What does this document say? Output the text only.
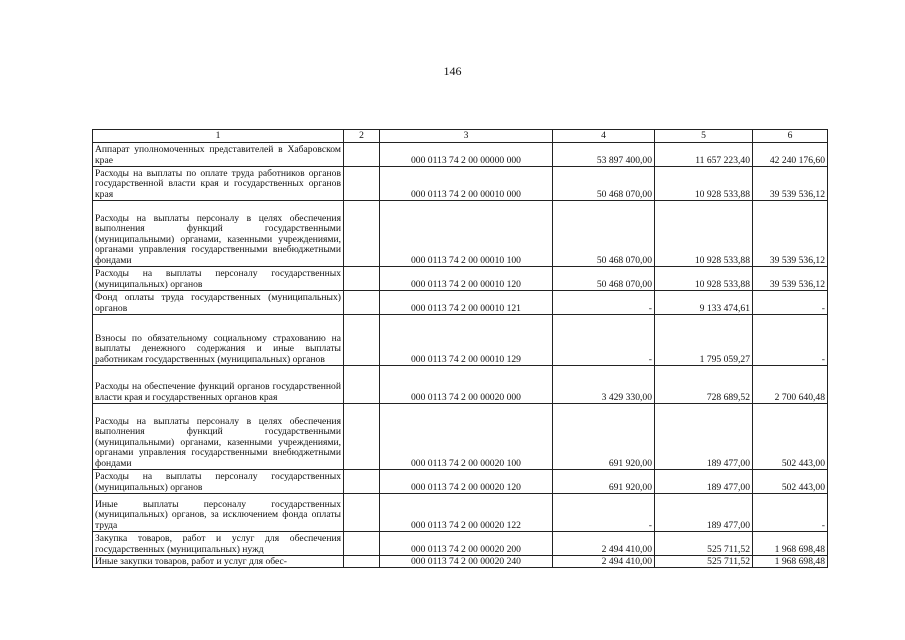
146
1	2	3	4	5	6
Аппарат уполномоченных представителей в Хабаровском крае		000 0113 74 2 00 00000 000	53 897 400,00	11 657 223,40	42 240 176,60
Расходы на выплаты по оплате труда работников органов государственной власти края и государственных органов края		000 0113 74 2 00 00010 000	50 468 070,00	10 928 533,88	39 539 536,12
Расходы на выплаты персоналу в целях обеспечения выполнения функций государственными (муниципальными) органами, казенными учреждениями, органами управления государственными внебюджетными фондами		000 0113 74 2 00 00010 100	50 468 070,00	10 928 533,88	39 539 536,12
Расходы на выплаты персоналу государственных (муниципальных) органов		000 0113 74 2 00 00010 120	50 468 070,00	10 928 533,88	39 539 536,12
Фонд оплаты труда государственных (муниципальных) органов		000 0113 74 2 00 00010 121	-	9 133 474,61	-
Взносы по обязательному социальному страхованию на выплаты денежного содержания и иные выплаты работникам государственных (муниципальных) органов		000 0113 74 2 00 00010 129	-	1 795 059,27	-
Расходы на обеспечение функций органов государственной власти края и государственных органов края		000 0113 74 2 00 00020 000	3 429 330,00	728 689,52	2 700 640,48
Расходы на выплаты персоналу в целях обеспечения выполнения функций государственными (муниципальными) органами, казенными учреждениями, органами управления государственными внебюджетными фондами		000 0113 74 2 00 00020 100	691 920,00	189 477,00	502 443,00
Расходы на выплаты персоналу государственных (муниципальных) органов		000 0113 74 2 00 00020 120	691 920,00	189 477,00	502 443,00
Иные выплаты персоналу государственных (муниципальных) органов, за исключением фонда оплаты труда		000 0113 74 2 00 00020 122	-	189 477,00	-
Закупка товаров, работ и услуг для обеспечения государственных (муниципальных) нужд		000 0113 74 2 00 00020 200	2 494 410,00	525 711,52	1 968 698,48
Иные закупки товаров, работ и услуг для обес-		000 0113 74 2 00 00020 240	2 494 410,00	525 711,52	1 968 698,48
